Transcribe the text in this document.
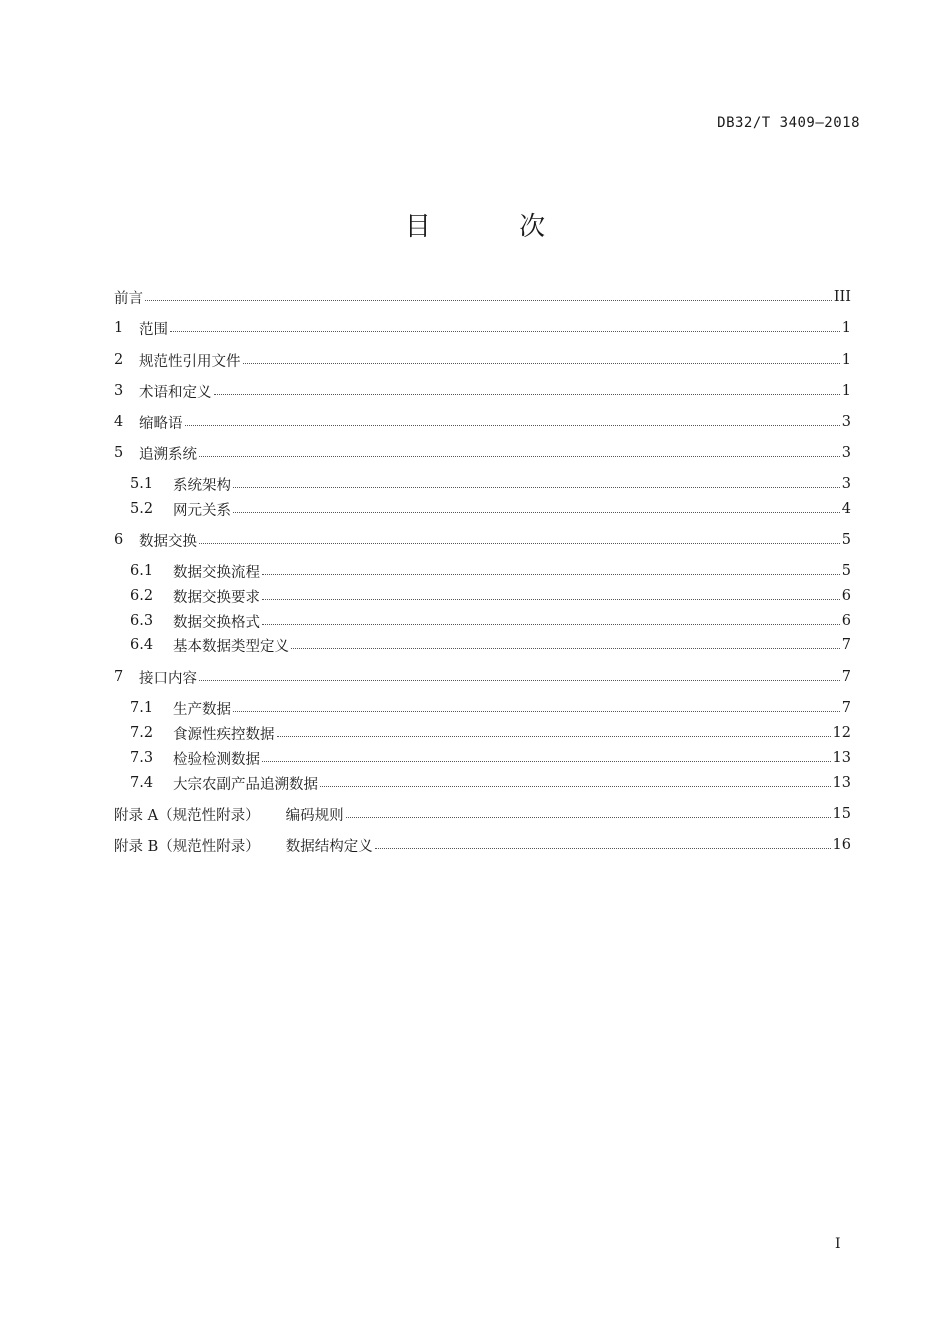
DB32/T 3409—2018
目 次
前言	III
1	范围	1
2	规范性引用文件	1
3	术语和定义	1
4	缩略语	3
5	追溯系统	3
5.1	系统架构	3
5.2	网元关系	4
6	数据交换	5
6.1	数据交换流程	5
6.2	数据交换要求	6
6.3	数据交换格式	6
6.4	基本数据类型定义	7
7	接口内容	7
7.1	生产数据	7
7.2	食源性疾控数据	12
7.3	检验检测数据	13
7.4	大宗农副产品追溯数据	13
附录 A（规范性附录） 编码规则	15
附录 B（规范性附录） 数据结构定义	16
I
